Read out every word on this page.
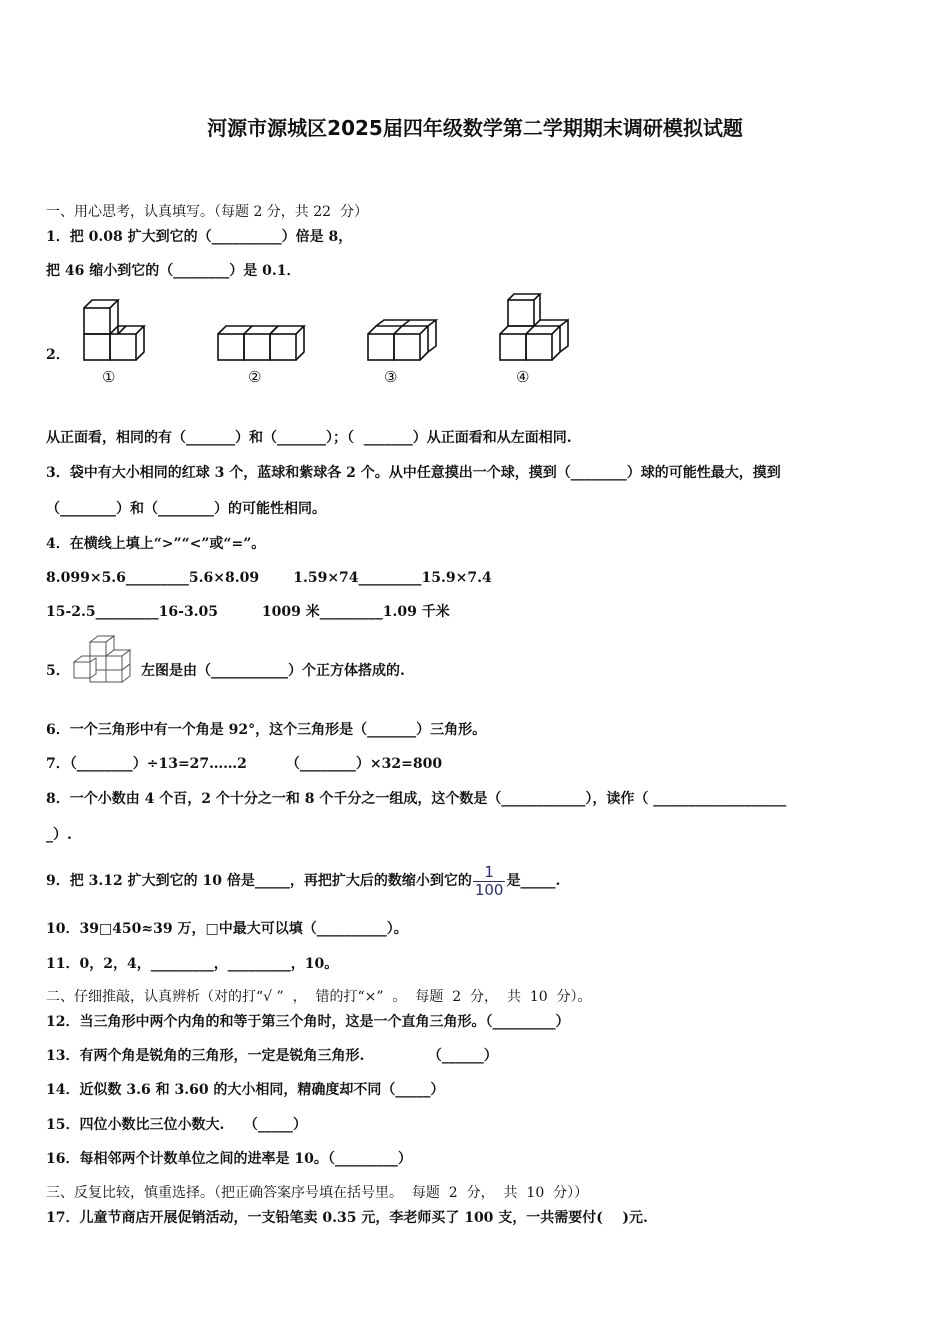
河源市源城区2025届四年级数学第二学期期末调研模拟试题
一、用心思考，认真填写。（每题 2 分，共 22  分）
1．把 0.08 扩大到它的（__________）倍是 8，
把 46 缩小到它的（________）是 0.1．
2．
①	②	③	④
从正面看，相同的有（_______）和（_______）；（  _______）从正面看和从左面相同.
3．袋中有大小相同的红球 3 个，蓝球和紫球各 2 个。从中任意摸出一个球，摸到（________）球的可能性最大，摸到
（________）和（________）的可能性相同。
4．在横线上填上“>”“<”或“=”。
8.099×5.6_________5.6×8.09       1.59×74_________15.9×7.4
15-2.5_________16-3.05         1009 米_________1.09 千米
5．	左图是由（___________）个正方体搭成的.
6．一个三角形中有一个角是 92°，这个三角形是（_______）三角形。
7．（________）÷13=27……2        （________）×32=800
8．一个小数由 4 个百，2 个十分之一和 8 个千分之一组成，这个数是（____________），读作（ ___________________
_）.
9．把 3.12 扩大到它的 10 倍是_____，再把扩大后的数缩小到它的 $\frac{1}{100}$ 是_____.
10．39□450≈39 万，□中最大可以填（__________）。
11．0，2，4，_________，_________，10。
二、仔细推敲，认真辨析（对的打“√ ”  ，  错的打“×”  。  每题  2  分，  共  10  分）。
12．当三角形中两个内角的和等于第三个角时，这是一个直角三角形。（_________）
13．有两个角是锐角的三角形，一定是锐角三角形.             （______）
14．近似数 3.6 和 3.60 的大小相同，精确度却不同（_____）
15．四位小数比三位小数大.    （_____）
16．每相邻两个计数单位之间的进率是 10。（_________）
三、反复比较，慎重选择。（把正确答案序号填在括号里。  每题  2  分，  共  10  分））
17．儿童节商店开展促销活动，一支铅笔卖 0.35 元，李老师买了 100 支，一共需要付(    )元.
